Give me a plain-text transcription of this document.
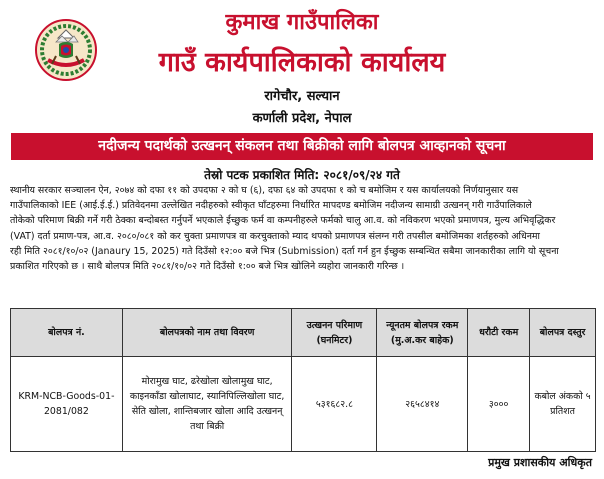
कुमाख गाउँपालिका
गाउँ कार्यपालिकाको कार्यालय
रागेचौर, सल्यान
कर्णाली प्रदेश, नेपाल
नदीजन्य पदार्थको उत्खनन् संकलन तथा बिक्रीको लागि बोलपत्र आव्हानको सूचना
तेस्रो पटक प्रकाशित मिति: २०८१/०९/२४ गते
स्थानीय सरकार सञ्चालन ऐन, २०७४ को दफा ११ को उपदफा २ को घ (६), दफा ६४ को उपदफा १ को च बमोजिम र यस कार्यालयको निर्णयानुसार यस
गाउँपालिकाको IEE (आई.ई.ई.) प्रतिवेदनमा उल्लेखित नदीहरुको स्वीकृत घाँटहरुमा निर्धारित मापदण्ड बमोजिम नदीजन्य सामाग्री उत्खनन् गरी गाउँपालिकाले
तोकेको परिमाण बिक्री गर्ने गरी ठेक्का बन्दोबस्त गर्नुपर्ने भएकाले ईच्छुक फर्म वा कम्पनीहरुले फर्मको चालु आ.व. को नविकरण भएको प्रमाणपत्र, मुल्य अभिवृद्धिकर
(VAT) दर्ता प्रमाण-पत्र, आ.व. २०८०/०८१ को कर चुक्ता प्रमाणपत्र वा करचुक्ताको म्याद थपको प्रमाणपत्र संलग्न गरी तपसील बमोजिमका शर्तहरुको अधिनमा
रही मिति २०८१/१०/०२ (Janaury 15, 2025) गते दिउँसो १२:०० बजे भित्र (Submission) दर्ता गर्न हुन ईच्छुक सम्बन्धित सबैमा जानकारीका लागि यो सूचना
प्रकाशित गरिएको छ । साथै बोलपत्र मिति २०८१/१०/०२ गते दिउँसो १:०० बजे भित्र खोलिने व्यहोरा जानकारी गरिन्छ ।
बोलपत्र नं.	बोलपत्रको नाम तथा विवरण	उत्खनन परिमाण (घनमिटर)	न्यूनतम बोलपत्र रकम (मु.अ.कर बाहेक)	धरौटी रकम	बोलपत्र दस्तुर
KRM-NCB-Goods-01-2081/082	मोरामुख घाट, ढरेखोला खोलामुख घाट, काइनकाँडा खोलाघाट, स्यानिपिल्लिखोला घाट, सेति खोला, शान्तिबजार खोला आदि उत्खनन् तथा बिक्री	५३१६८२.८	२६५८४१४	३०००	कबोल अंकको ५ प्रतिशत
प्रमुख प्रशासकीय अधिकृत
